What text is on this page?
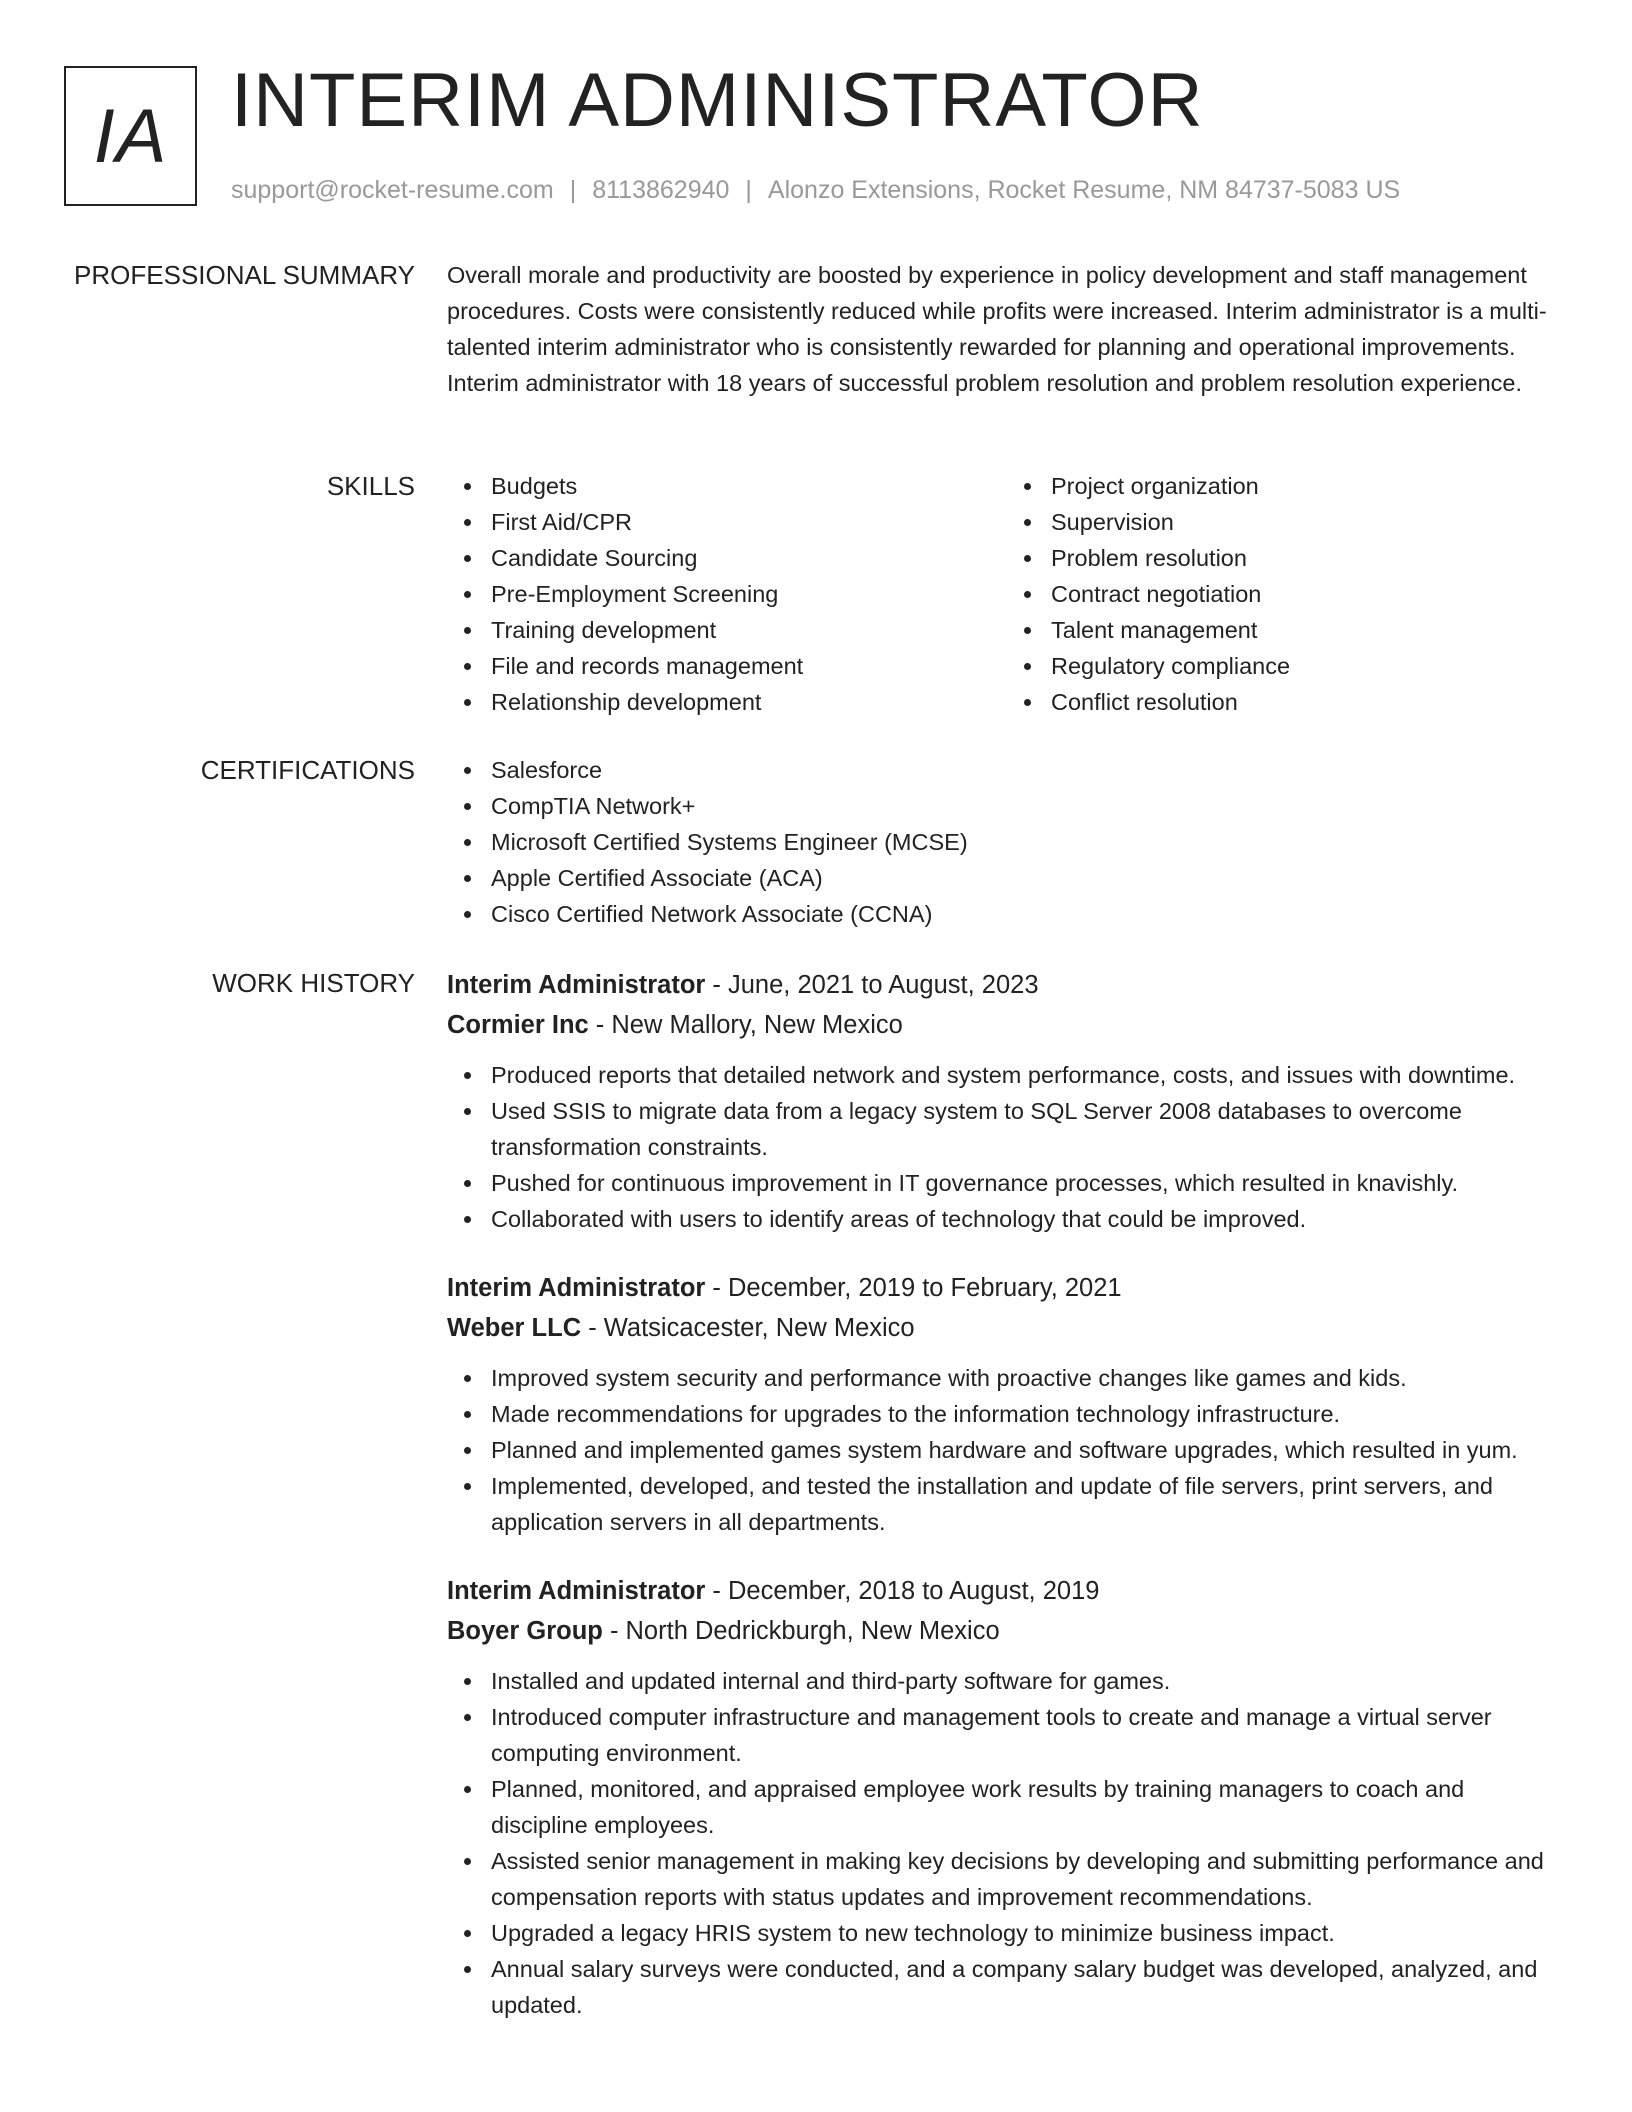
IA INTERIM ADMINISTRATOR
support@rocket-resume.com | 8113862940 | Alonzo Extensions, Rocket Resume, NM 84737-5083 US
PROFESSIONAL SUMMARY Overall morale and productivity are boosted by experience in policy development and staff management procedures. Costs were consistently reduced while profits were increased. Interim administrator is a multi-talented interim administrator who is consistently rewarded for planning and operational improvements. Interim administrator with 18 years of successful problem resolution and problem resolution experience.

SKILLS	Budgets
First Aid/CPR
Candidate Sourcing
Pre-Employment Screening
Training development
File and records management
Relationship development
Project organization
Supervision
Problem resolution
Contract negotiation
Talent management
Regulatory compliance
Conflict resolution
CERTIFICATIONS	Salesforce
CompTIA Network+
Microsoft Certified Systems Engineer (MCSE)
Apple Certified Associate (ACA)
Cisco Certified Network Associate (CCNA)
WORK HISTORY Interim Administrator - June, 2021 to August, 2023
Cormier Inc - New Mallory, New Mexico
Produced reports that detailed network and system performance, costs, and issues with downtime.
Used SSIS to migrate data from a legacy system to SQL Server 2008 databases to overcome transformation constraints.
Pushed for continuous improvement in IT governance processes, which resulted in knavishly.
Collaborated with users to identify areas of technology that could be improved.
Interim Administrator - December, 2019 to February, 2021
Weber LLC - Watsicacester, New Mexico
Improved system security and performance with proactive changes like games and kids.
Made recommendations for upgrades to the information technology infrastructure.
Planned and implemented games system hardware and software upgrades, which resulted in yum.
Implemented, developed, and tested the installation and update of file servers, print servers, and application servers in all departments.
Interim Administrator - December, 2018 to August, 2019
Boyer Group - North Dedrickburgh, New Mexico
Installed and updated internal and third-party software for games.
Introduced computer infrastructure and management tools to create and manage a virtual server computing environment.
Planned, monitored, and appraised employee work results by training managers to coach and discipline employees.
Assisted senior management in making key decisions by developing and submitting performance and compensation reports with status updates and improvement recommendations.
Upgraded a legacy HRIS system to new technology to minimize business impact.
Annual salary surveys were conducted, and a company salary budget was developed, analyzed, and updated.
